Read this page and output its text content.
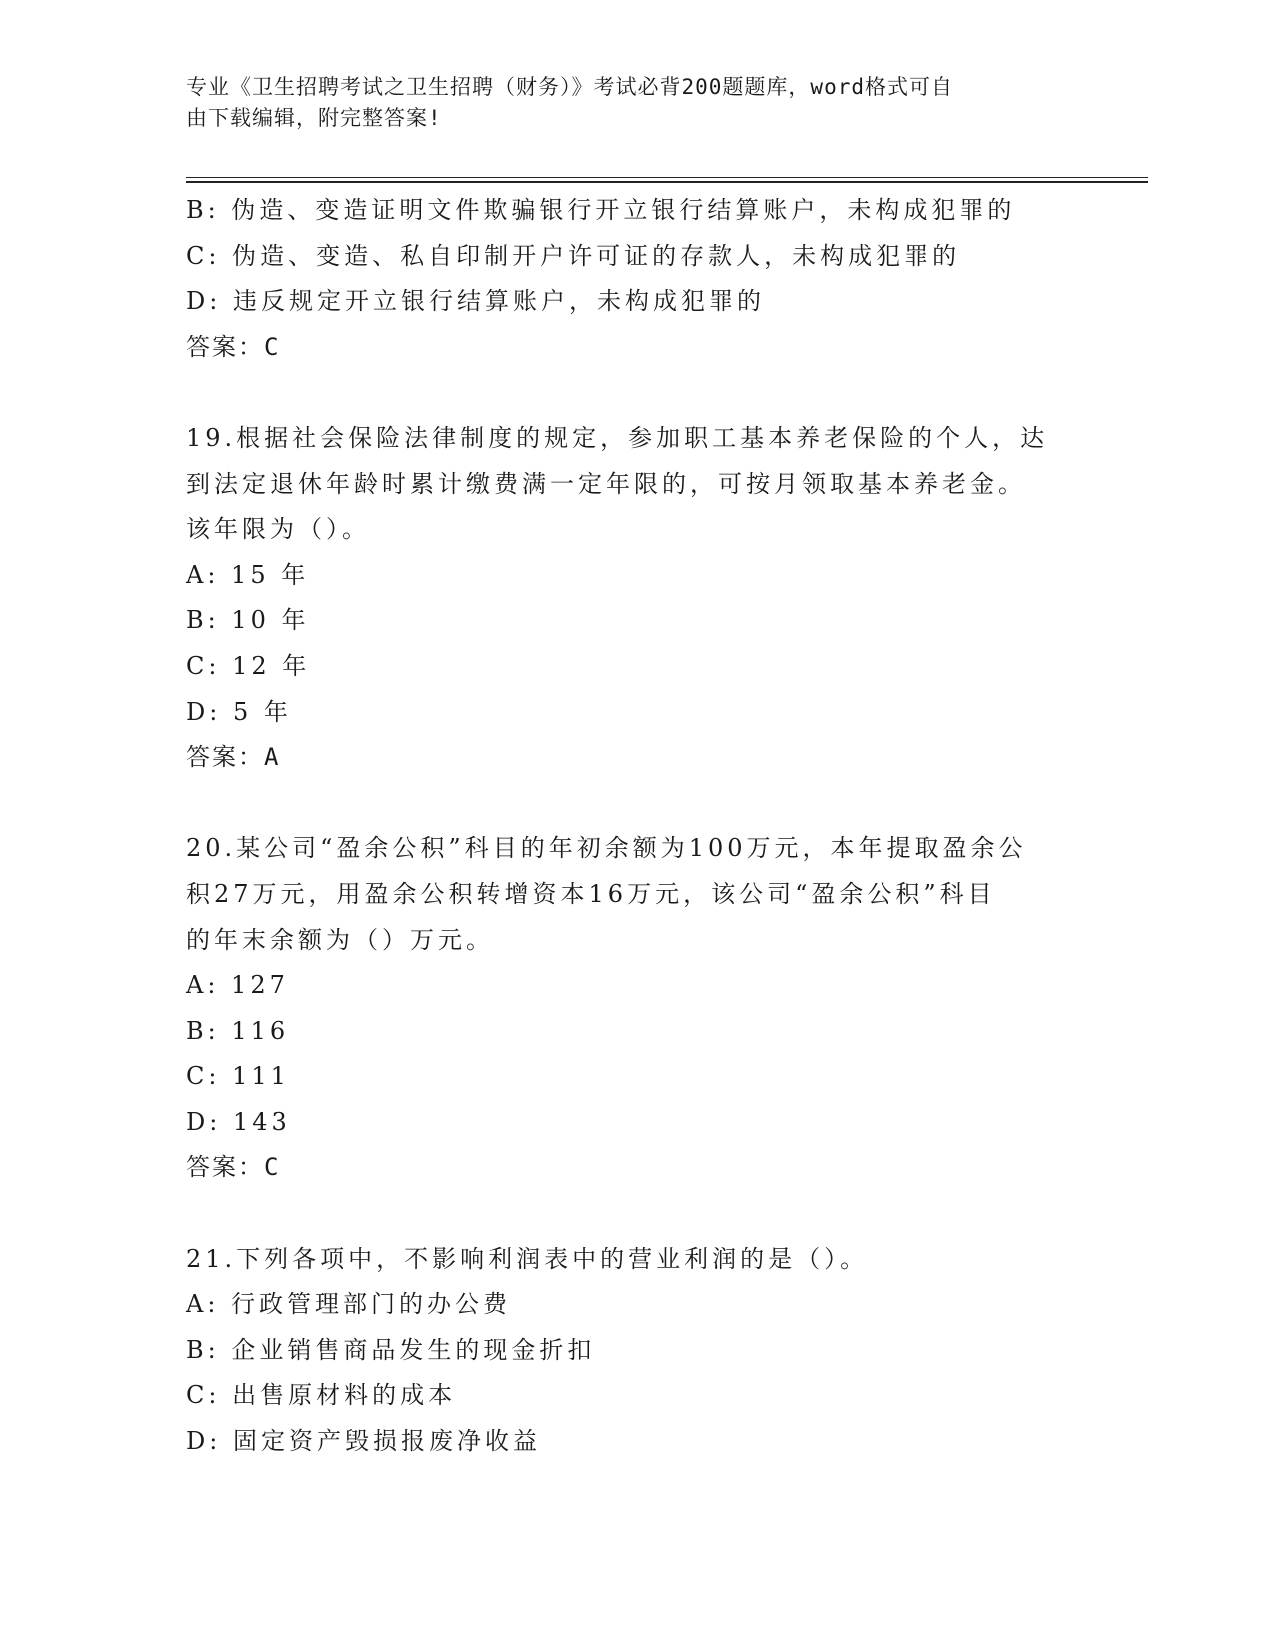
专业《卫生招聘考试之卫生招聘（财务）》考试必背200题题库，word格式可自
由下载编辑，附完整答案!
B: 伪造、变造证明文件欺骗银行开立银行结算账户，未构成犯罪的
C: 伪造、变造、私自印制开户许可证的存款人，未构成犯罪的
D: 违反规定开立银行结算账户，未构成犯罪的
答案：C
19.根据社会保险法律制度的规定，参加职工基本养老保险的个人，达
到法定退休年龄时累计缴费满一定年限的，可按月领取基本养老金。
该年限为（）。
A: 15 年
B: 10 年
C: 12 年
D: 5 年
答案：A
20.某公司“盈余公积”科目的年初余额为100万元，本年提取盈余公
积27万元，用盈余公积转增资本16万元，该公司“盈余公积”科目
的年末余额为（）万元。
A: 127
B: 116
C: 111
D: 143
答案：C
21.下列各项中，不影响利润表中的营业利润的是（）。
A: 行政管理部门的办公费
B: 企业销售商品发生的现金折扣
C: 出售原材料的成本
D: 固定资产毁损报废净收益
